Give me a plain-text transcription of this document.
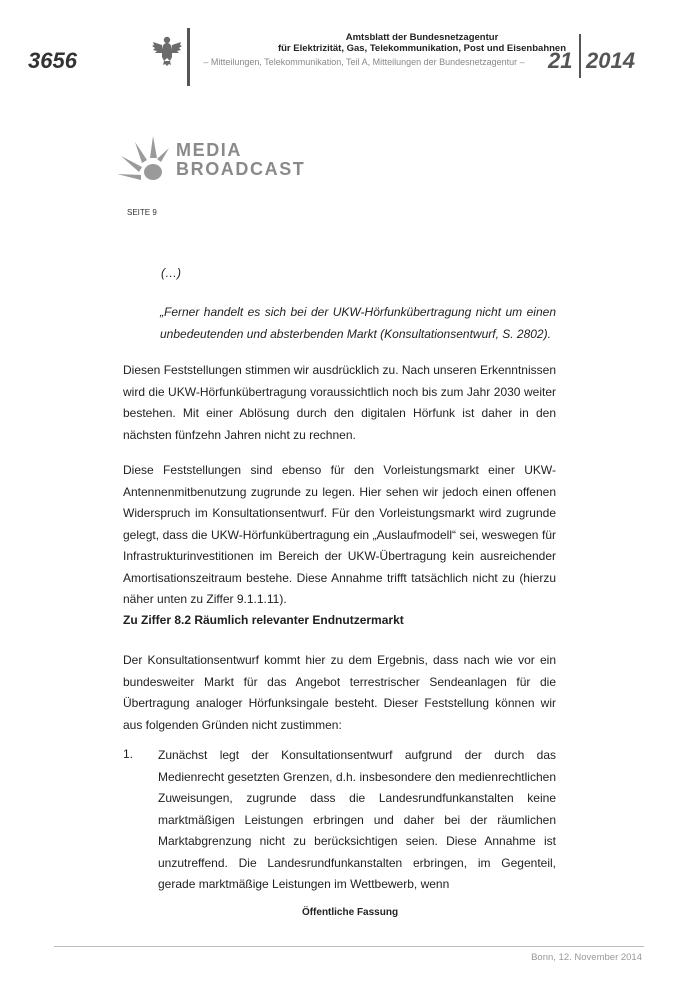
3656
Amtsblatt der Bundesnetzagentur
für Elektrizität, Gas, Telekommunikation, Post und Eisenbahnen
– Mitteilungen, Telekommunikation, Teil A, Mitteilungen der Bundesnetzagentur –	21 2014
MEDIA
BROADCAST
SEITE 9
(…)
„Ferner handelt es sich bei der UKW-Hörfunkübertragung nicht um einen unbedeutenden und absterbenden Markt (Konsultationsentwurf, S. 2802).
Diesen Feststellungen stimmen wir ausdrücklich zu. Nach unseren Erkenntnissen wird die UKW-Hörfunkübertragung voraussichtlich noch bis zum Jahr 2030 weiter bestehen. Mit einer Ablösung durch den digitalen Hörfunk ist daher in den nächsten fünfzehn Jahren nicht zu rechnen.
Diese Feststellungen sind ebenso für den Vorleistungsmarkt einer UKW-Antennenmitbenutzung zugrunde zu legen. Hier sehen wir jedoch einen offenen Widerspruch im Konsultationsentwurf. Für den Vorleistungsmarkt wird zugrunde gelegt, dass die UKW-Hörfunkübertragung ein „Auslaufmodell“ sei, weswegen für Infrastrukturinvestitionen im Bereich der UKW-Übertragung kein ausreichender Amortisationszeitraum bestehe. Diese Annahme trifft tatsächlich nicht zu (hierzu näher unten zu Ziffer 9.1.1.11).
Zu Ziffer 8.2 Räumlich relevanter Endnutzermarkt
Der Konsultationsentwurf kommt hier zu dem Ergebnis, dass nach wie vor ein bundesweiter Markt für das Angebot terrestrischer Sendeanlagen für die Übertragung analoger Hörfunksingale besteht. Dieser Feststellung können wir aus folgenden Gründen nicht zustimmen:
1. Zunächst legt der Konsultationsentwurf aufgrund der durch das Medienrecht gesetzten Grenzen, d.h. insbesondere den medienrechtlichen Zuweisungen, zugrunde dass die Landesrundfunkanstalten keine marktmäßigen Leistungen erbringen und daher bei der räumlichen Marktabgrenzung nicht zu berücksichtigen seien. Diese Annahme ist unzutreffend. Die Landesrundfunkanstalten erbringen, im Gegenteil, gerade marktmäßige Leistungen im Wettbewerb, wenn
Öffentliche Fassung
Bonn, 12. November 2014
